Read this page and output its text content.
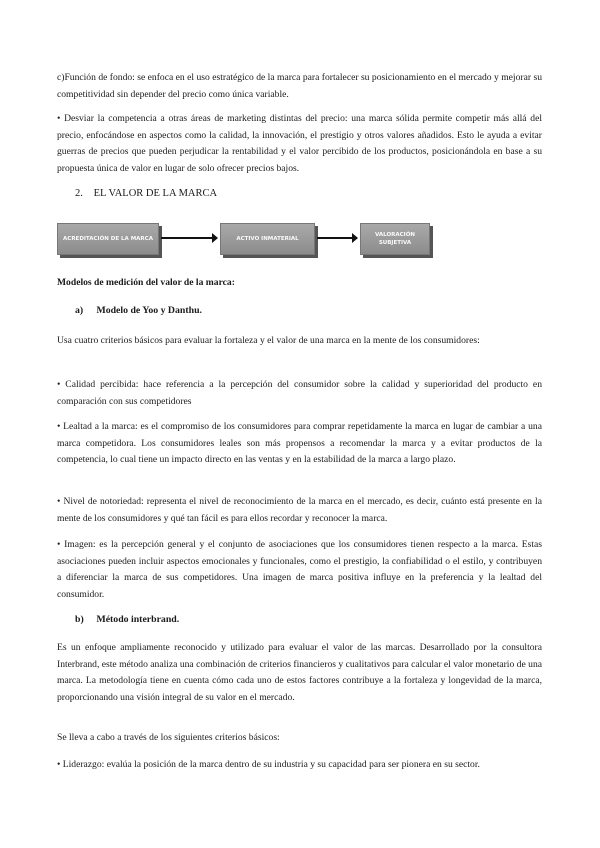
c)Función de fondo: se enfoca en el uso estratégico de la marca para fortalecer su posicionamiento en el mercado y mejorar su competitividad sin depender del precio como única variable.

• Desviar la competencia a otras áreas de marketing distintas del precio: una marca sólida permite competir más allá del precio, enfocándose en aspectos como la calidad, la innovación, el prestigio y otros valores añadidos. Esto le ayuda a evitar guerras de precios que pueden perjudicar la rentabilidad y el valor percibido de los productos, posicionándola en base a su propuesta única de valor en lugar de solo ofrecer precios bajos.

2. EL VALOR DE LA MARCA
ACREDITACIÓN DE LA MARCA	ACTIVO INMATERIAL
VALORACIÓN SUBJETIVA
Modelos de medición del valor de la marca:
a) Modelo de Yoo y Danthu.

Usa cuatro criterios básicos para evaluar la fortaleza y el valor de una marca en la mente de los consumidores:

• Calidad percibida: hace referencia a la percepción del consumidor sobre la calidad y superioridad del producto en comparación con sus competidores

• Lealtad a la marca: es el compromiso de los consumidores para comprar repetidamente la marca en lugar de cambiar a una marca competidora. Los consumidores leales son más propensos a recomendar la marca y a evitar productos de la competencia, lo cual tiene un impacto directo en las ventas y en la estabilidad de la marca a largo plazo.

• Nivel de notoriedad: representa el nivel de reconocimiento de la marca en el mercado, es decir, cuánto está presente en la mente de los consumidores y qué tan fácil es para ellos recordar y reconocer la marca.

• Imagen: es la percepción general y el conjunto de asociaciones que los consumidores tienen respecto a la marca. Estas asociaciones pueden incluir aspectos emocionales y funcionales, como el prestigio, la confiabilidad o el estilo, y contribuyen a diferenciar la marca de sus competidores. Una imagen de marca positiva influye en la preferencia y la lealtad del consumidor.

b) Método interbrand.

Es un enfoque ampliamente reconocido y utilizado para evaluar el valor de las marcas. Desarrollado por la consultora Interbrand, este método analiza una combinación de criterios financieros y cualitativos para calcular el valor monetario de una marca. La metodología tiene en cuenta cómo cada uno de estos factores contribuye a la fortaleza y longevidad de la marca, proporcionando una visión integral de su valor en el mercado.

Se lleva a cabo a través de los siguientes criterios básicos:

• Liderazgo: evalúa la posición de la marca dentro de su industria y su capacidad para ser pionera en su sector.
